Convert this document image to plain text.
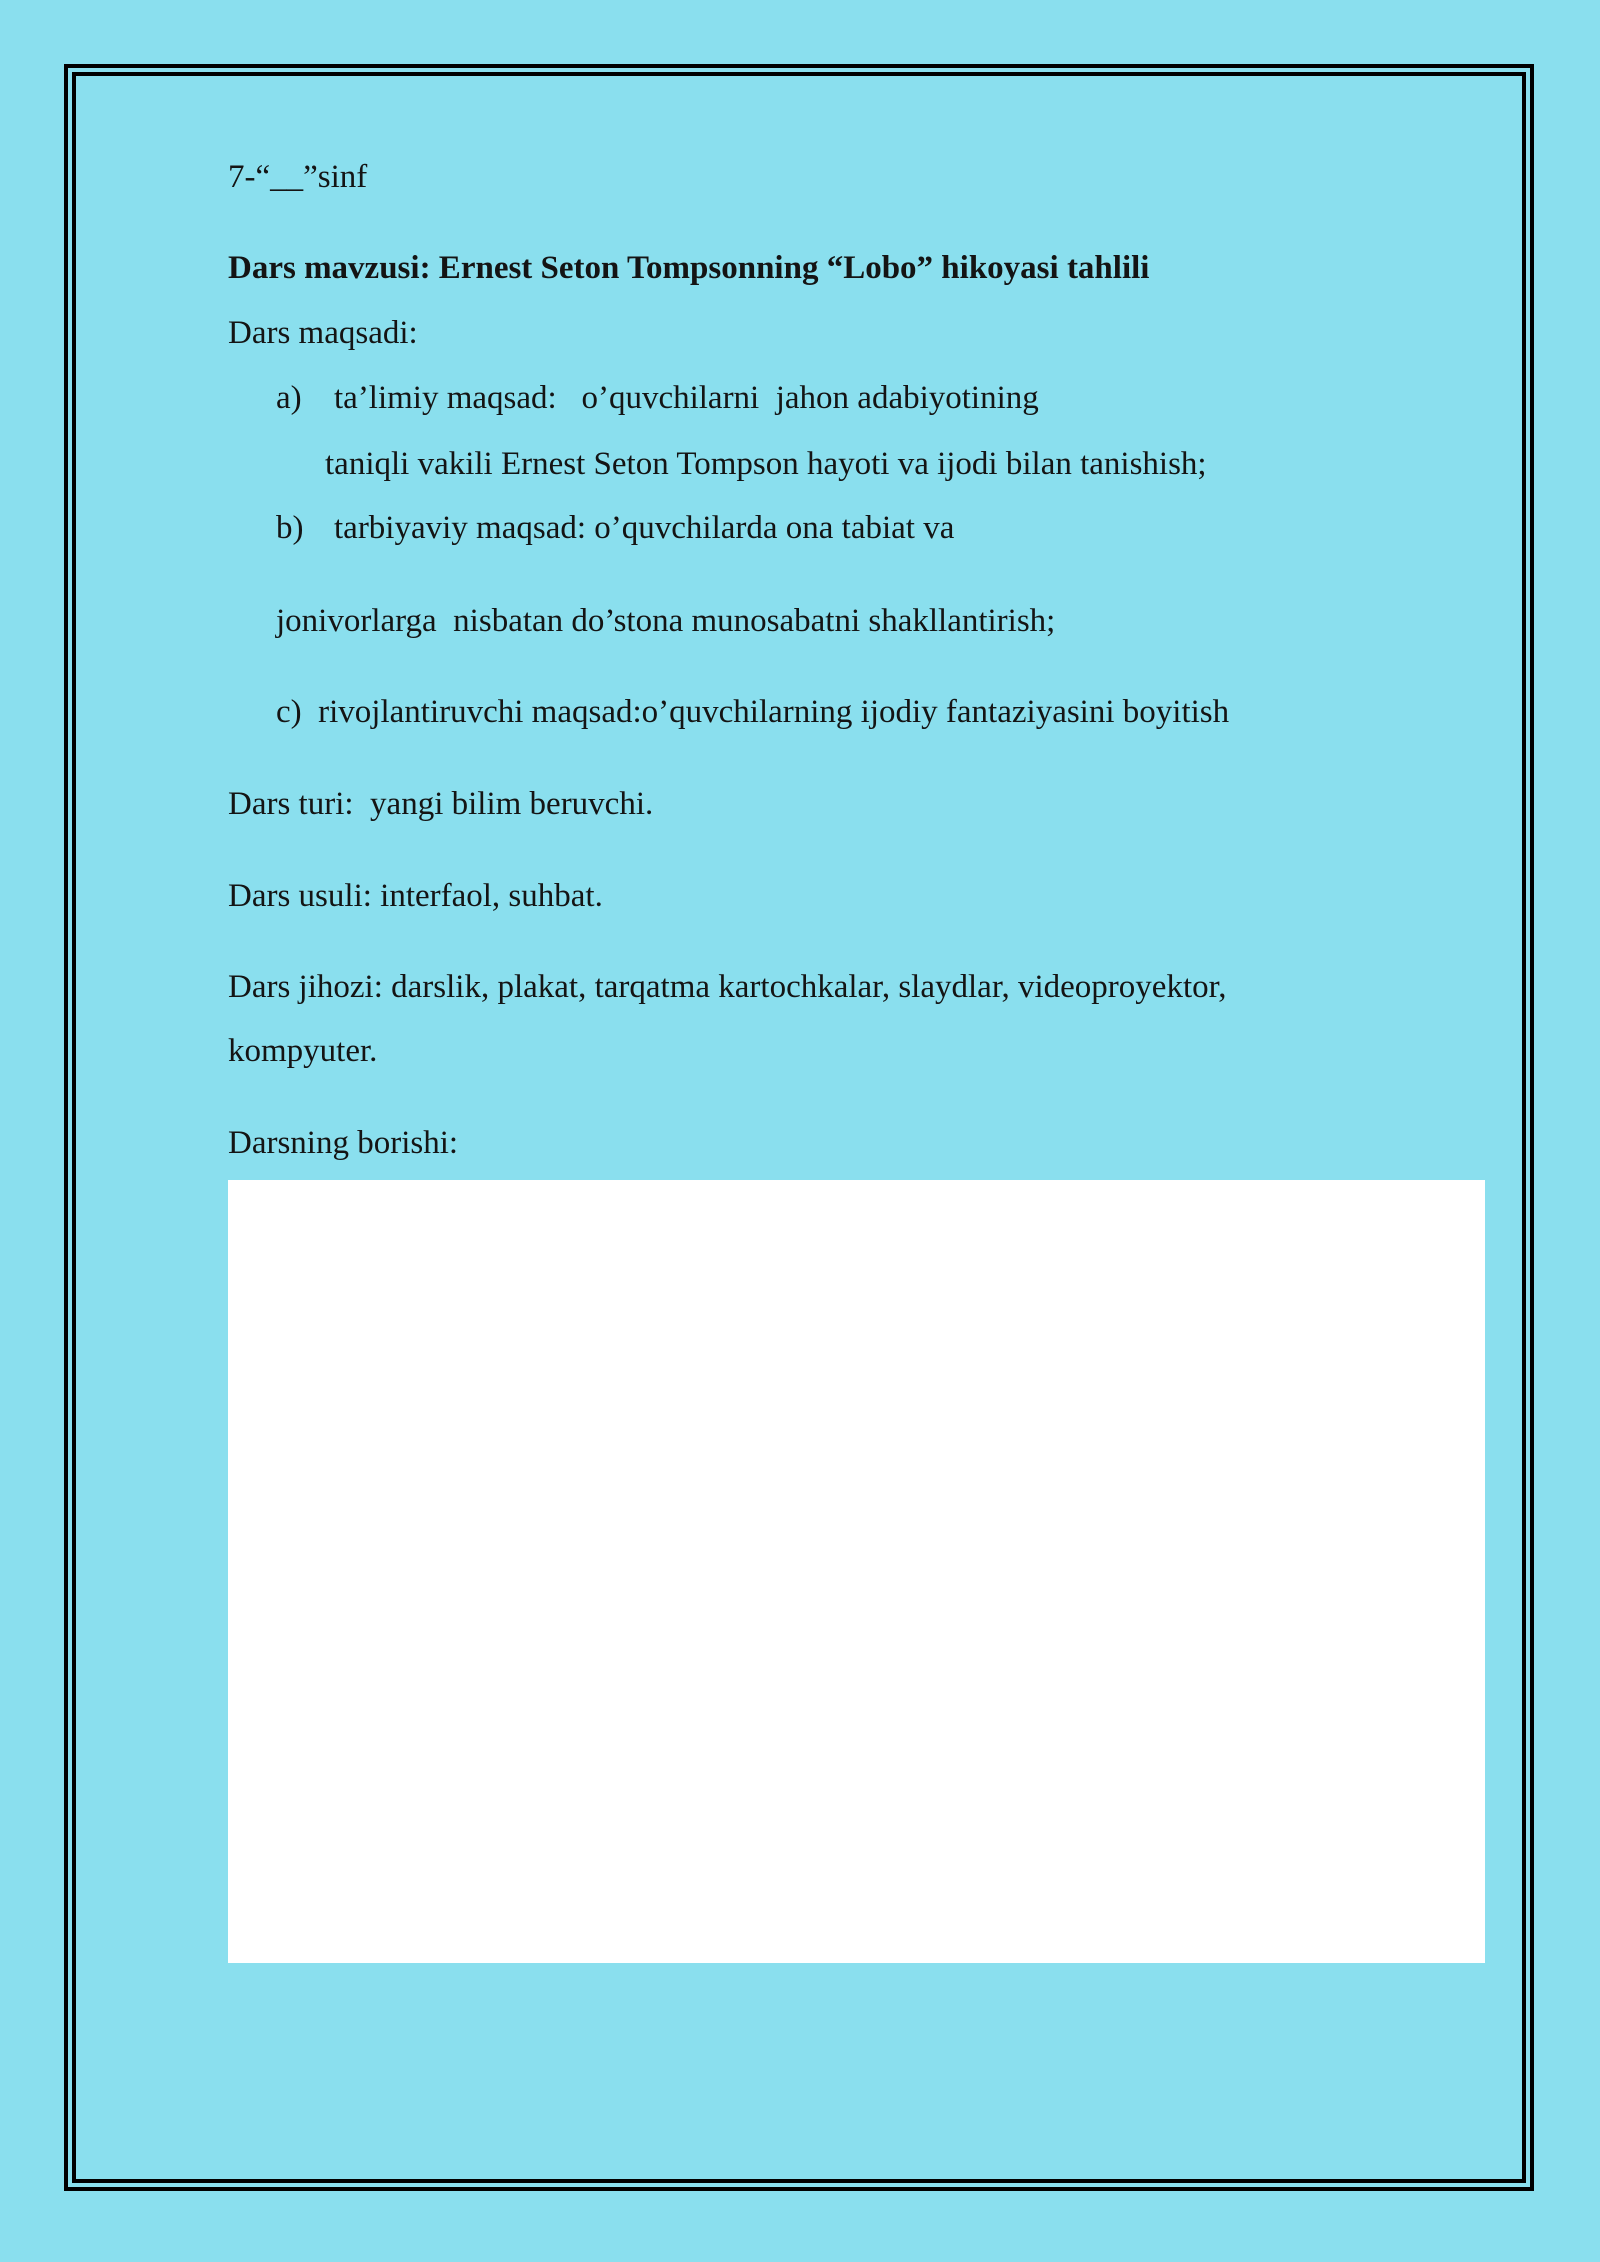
7-“__”sinf
Dars mavzusi: Ernest Seton Tompsonning “Lobo” hikoyasi tahlili
Dars maqsadi:
a) ta’limiy maqsad:   o’quvchilarni  jahon adabiyotining
taniqli vakili Ernest Seton Tompson hayoti va ijodi bilan tanishish;
b) tarbiyaviy maqsad: o’quvchilarda ona tabiat va
jonivorlarga  nisbatan do’stona munosabatni shakllantirish;
c)  rivojlantiruvchi maqsad:o’quvchilarning ijodiy fantaziyasini boyitish
Dars turi:  yangi bilim beruvchi.
Dars usuli: interfaol, suhbat.
Dars jihozi: darslik, plakat, tarqatma kartochkalar, slaydlar, videoproyektor,
kompyuter.
Darsning borishi:
